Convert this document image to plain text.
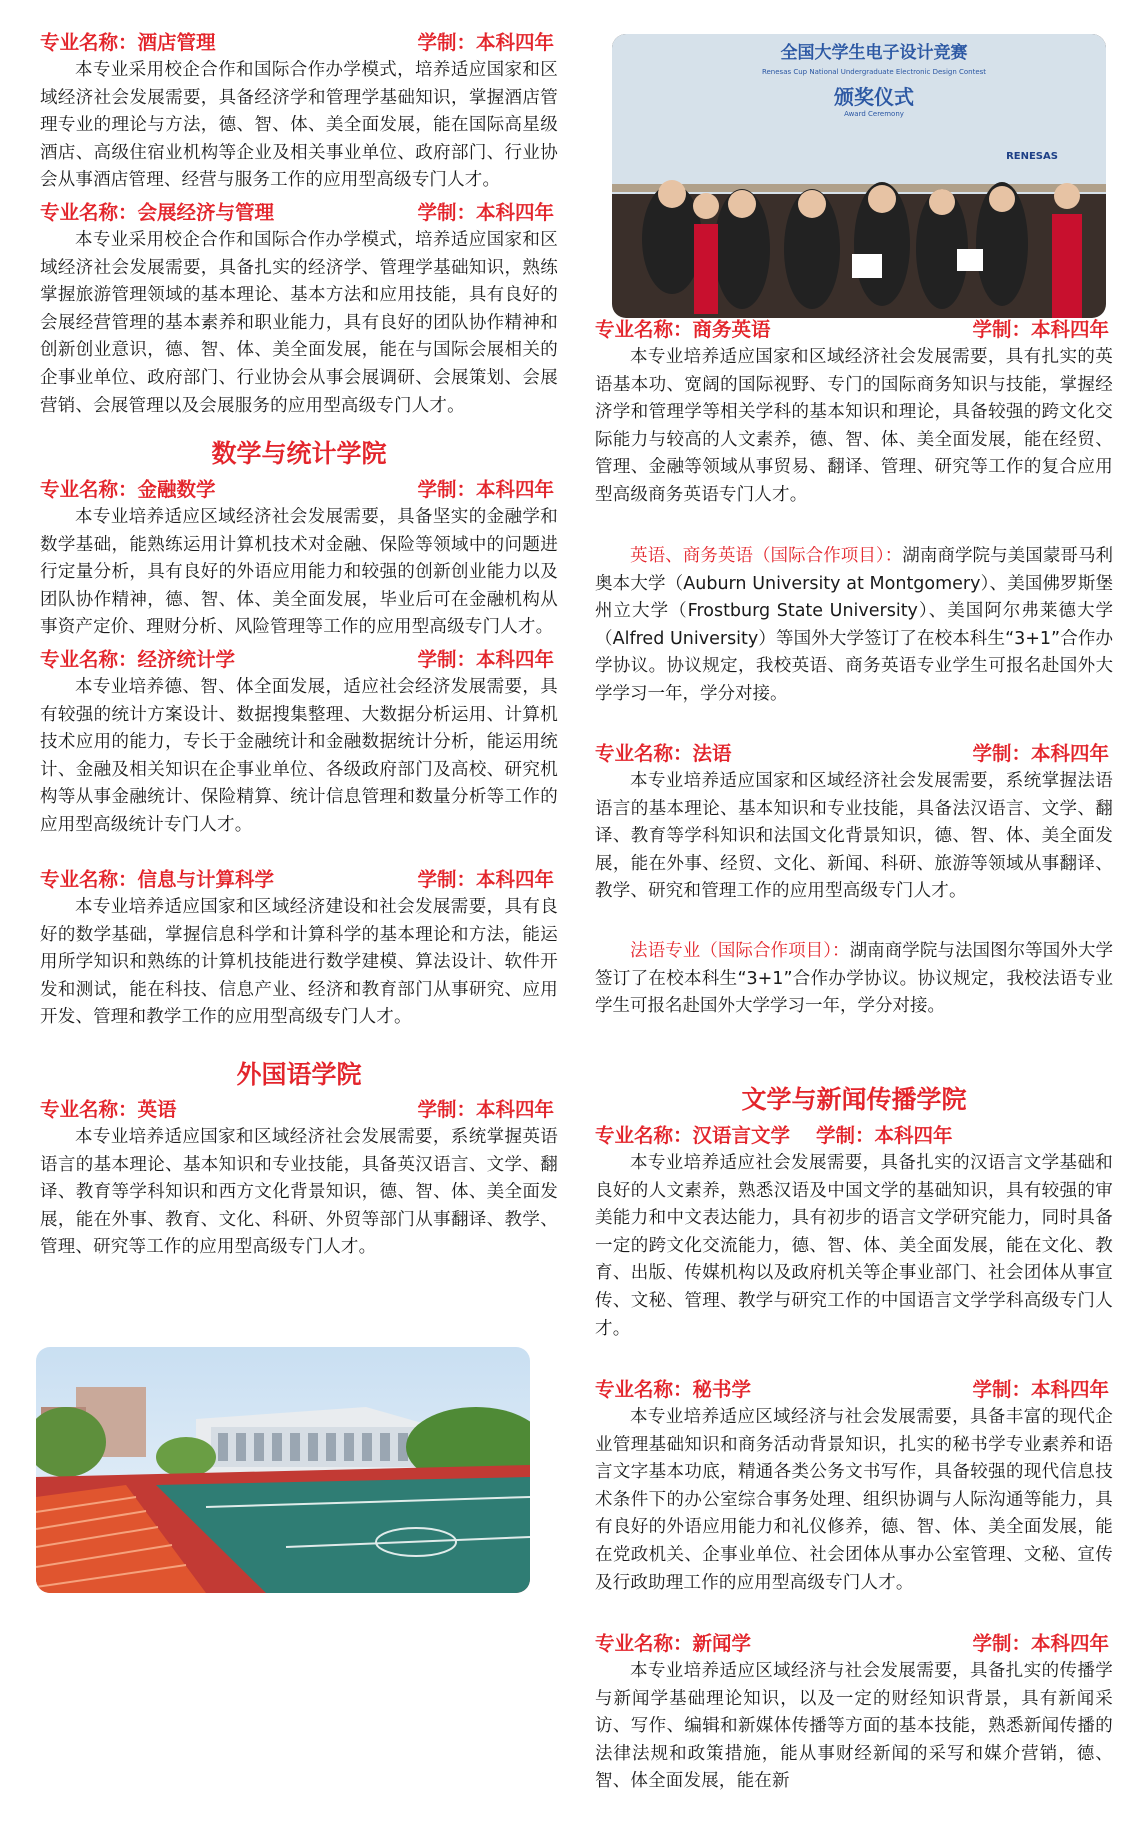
专业名称：酒店管理	学制：本科四年

本专业采用校企合作和国际合作办学模式，培养适应国家和区域经济社会发展需要，具备经济学和管理学基础知识，掌握酒店管理专业的理论与方法，德、智、体、美全面发展，能在国际高星级酒店、高级住宿业机构等企业及相关事业单位、政府部门、行业协会从事酒店管理、经营与服务工作的应用型高级专门人才。

专业名称：会展经济与管理	学制：本科四年

本专业采用校企合作和国际合作办学模式，培养适应国家和区域经济社会发展需要，具备扎实的经济学、管理学基础知识，熟练掌握旅游管理领域的基本理论、基本方法和应用技能，具有良好的会展经营管理的基本素养和职业能力，具有良好的团队协作精神和创新创业意识，德、智、体、美全面发展，能在与国际会展相关的企事业单位、政府部门、行业协会从事会展调研、会展策划、会展营销、会展管理以及会展服务的应用型高级专门人才。

数学与统计学院
专业名称：金融数学	学制：本科四年

本专业培养适应区域经济社会发展需要，具备坚实的金融学和数学基础，能熟练运用计算机技术对金融、保险等领域中的问题进行定量分析，具有良好的外语应用能力和较强的创新创业能力以及团队协作精神，德、智、体、美全面发展，毕业后可在金融机构从事资产定价、理财分析、风险管理等工作的应用型高级专门人才。

专业名称：经济统计学	学制：本科四年

本专业培养德、智、体全面发展，适应社会经济发展需要，具有较强的统计方案设计、数据搜集整理、大数据分析运用、计算机技术应用的能力，专长于金融统计和金融数据统计分析，能运用统计、金融及相关知识在企事业单位、各级政府部门及高校、研究机构等从事金融统计、保险精算、统计信息管理和数量分析等工作的应用型高级统计专门人才。

专业名称：信息与计算科学	学制：本科四年

本专业培养适应国家和区域经济建设和社会发展需要，具有良好的数学基础，掌握信息科学和计算科学的基本理论和方法，能运用所学知识和熟练的计算机技能进行数学建模、算法设计、软件开发和测试，能在科技、信息产业、经济和教育部门从事研究、应用开发、管理和教学工作的应用型高级专门人才。

外国语学院
专业名称：英语	学制：本科四年

本专业培养适应国家和区域经济社会发展需要，系统掌握英语语言的基本理论、基本知识和专业技能，具备英汉语言、文学、翻译、教育等学科知识和西方文化背景知识，德、智、体、美全面发展，能在外事、教育、文化、科研、外贸等部门从事翻译、教学、管理、研究等工作的应用型高级专门人才。

全国大学生电子设计竞赛
Renesas Cup National Undergraduate Electronic Design Contest
颁奖仪式
Award Ceremony
RENESAS
专业名称：商务英语	学制：本科四年

本专业培养适应国家和区域经济社会发展需要，具有扎实的英语基本功、宽阔的国际视野、专门的国际商务知识与技能，掌握经济学和管理学等相关学科的基本知识和理论，具备较强的跨文化交际能力与较高的人文素养，德、智、体、美全面发展，能在经贸、管理、金融等领域从事贸易、翻译、管理、研究等工作的复合应用型高级商务英语专门人才。

英语、商务英语（国际合作项目）：湖南商学院与美国蒙哥马利奥本大学（Auburn University at Montgomery）、美国佛罗斯堡州立大学（Frostburg State University）、美国阿尔弗莱德大学（Alfred University）等国外大学签订了在校本科生“3+1”合作办学协议。协议规定，我校英语、商务英语专业学生可报名赴国外大学学习一年，学分对接。

专业名称：法语	学制：本科四年

本专业培养适应国家和区域经济社会发展需要，系统掌握法语语言的基本理论、基本知识和专业技能，具备法汉语言、文学、翻译、教育等学科知识和法国文化背景知识，德、智、体、美全面发展，能在外事、经贸、文化、新闻、科研、旅游等领域从事翻译、教学、研究和管理工作的应用型高级专门人才。

法语专业（国际合作项目）：湖南商学院与法国图尔等国外大学签订了在校本科生“3+1”合作办学协议。协议规定，我校法语专业学生可报名赴国外大学学习一年，学分对接。

文学与新闻传播学院
专业名称：汉语言文学 学制：本科四年

本专业培养适应社会发展需要，具备扎实的汉语言文学基础和良好的人文素养，熟悉汉语及中国文学的基础知识，具有较强的审美能力和中文表达能力，具有初步的语言文学研究能力，同时具备一定的跨文化交流能力，德、智、体、美全面发展，能在文化、教育、出版、传媒机构以及政府机关等企事业部门、社会团体从事宣传、文秘、管理、教学与研究工作的中国语言文学学科高级专门人才。

专业名称：秘书学	学制：本科四年

本专业培养适应区域经济与社会发展需要，具备丰富的现代企业管理基础知识和商务活动背景知识，扎实的秘书学专业素养和语言文字基本功底，精通各类公务文书写作，具备较强的现代信息技术条件下的办公室综合事务处理、组织协调与人际沟通等能力，具有良好的外语应用能力和礼仪修养，德、智、体、美全面发展，能在党政机关、企事业单位、社会团体从事办公室管理、文秘、宣传及行政助理工作的应用型高级专门人才。

专业名称：新闻学	学制：本科四年

本专业培养适应区域经济与社会发展需要，具备扎实的传播学与新闻学基础理论知识，以及一定的财经知识背景，具有新闻采访、写作、编辑和新媒体传播等方面的基本技能，熟悉新闻传播的法律法规和政策措施，能从事财经新闻的采写和媒介营销，德、智、体全面发展，能在新
